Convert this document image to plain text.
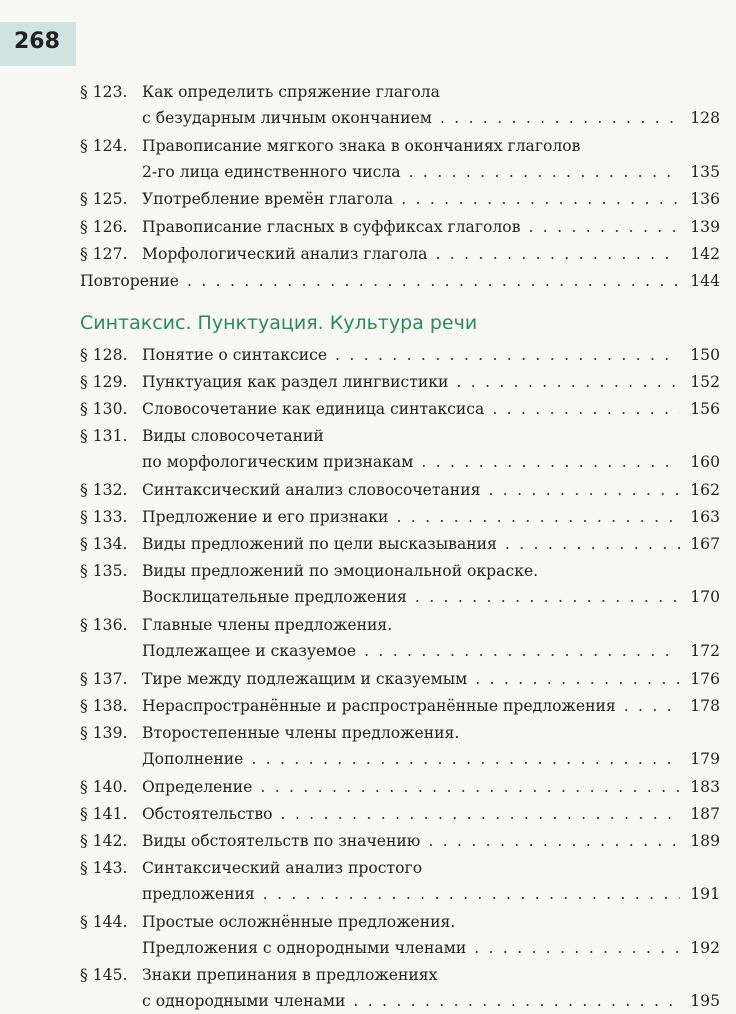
268
§ 123. Как определить спряжение глагола
с безударным личным окончанием . . .	128
§ 124. Правописание мягкого знака в окончаниях глаголов
2-го лица единственного числа . . .	135
§ 125. Употребление времён глагола . . .	136
§ 126. Правописание гласных в суффиксах глаголов . . .	139
§ 127. Морфологический анализ глагола . . .	142
Повторение . . .	144
Синтаксис. Пунктуация. Культура речи
§ 128. Понятие о синтаксисе . . .	150
§ 129. Пунктуация как раздел лингвистики . . .	152
§ 130. Словосочетание как единица синтаксиса . . .	156
§ 131. Виды словосочетаний
по морфологическим признакам . . .	160
§ 132. Синтаксический анализ словосочетания . . .	162
§ 133. Предложение и его признаки . . .	163
§ 134. Виды предложений по цели высказывания . . .	167
§ 135. Виды предложений по эмоциональной окраске.
Восклицательные предложения . . .	170
§ 136. Главные члены предложения.
Подлежащее и сказуемое . . .	172
§ 137. Тире между подлежащим и сказуемым . . .	176
§ 138. Нераспространённые и распространённые предложения . . .	178
§ 139. Второстепенные члены предложения.
Дополнение . . .	179
§ 140. Определение . . .	183
§ 141. Обстоятельство . . .	187
§ 142. Виды обстоятельств по значению . . .	189
§ 143. Синтаксический анализ простого
предложения . . .	191
§ 144. Простые осложнённые предложения.
Предложения с однородными членами . . .	192
§ 145. Знаки препинания в предложениях
с однородными членами . . .	195
